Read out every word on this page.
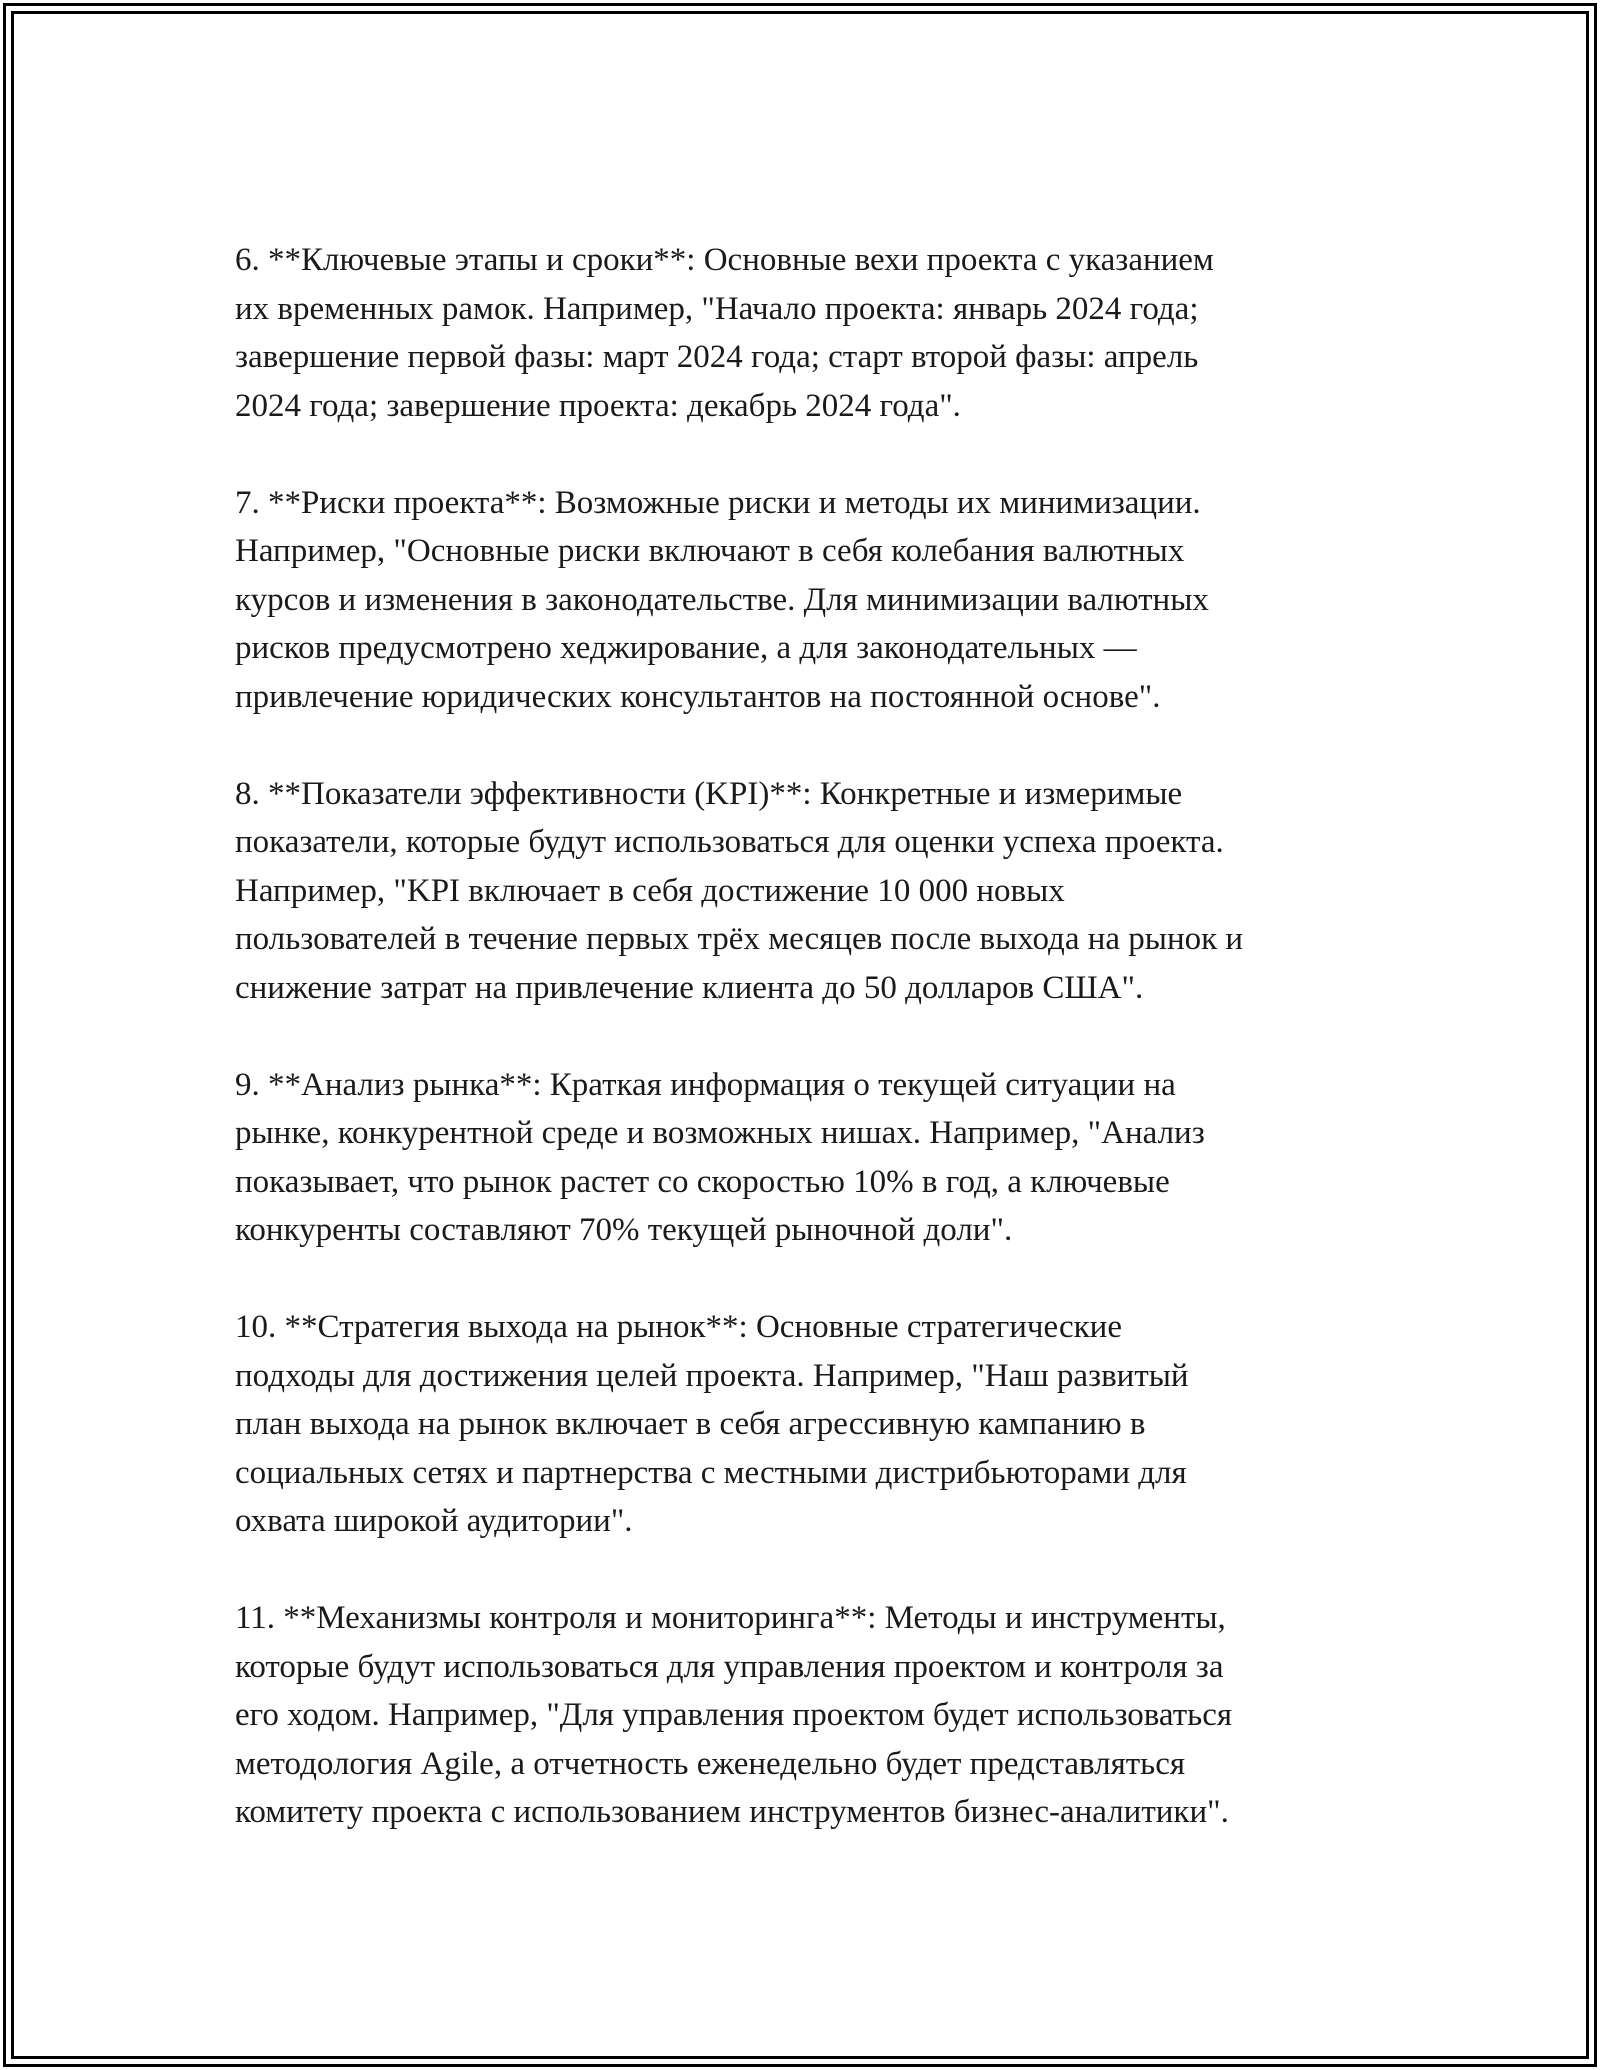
6. **Ключевые этапы и сроки**: Основные вехи проекта с указанием
их временных рамок. Например, "Начало проекта: январь 2024 года;
завершение первой фазы: март 2024 года; старт второй фазы: апрель
2024 года; завершение проекта: декабрь 2024 года".
7. **Риски проекта**: Возможные риски и методы их минимизации.
Например, "Основные риски включают в себя колебания валютных
курсов и изменения в законодательстве. Для минимизации валютных
рисков предусмотрено хеджирование, а для законодательных —
привлечение юридических консультантов на постоянной основе".
8. **Показатели эффективности (KPI)**: Конкретные и измеримые
показатели, которые будут использоваться для оценки успеха проекта.
Например, "KPI включает в себя достижение 10 000 новых
пользователей в течение первых трёх месяцев после выхода на рынок и
снижение затрат на привлечение клиента до 50 долларов США".
9. **Анализ рынка**: Краткая информация о текущей ситуации на
рынке, конкурентной среде и возможных нишах. Например, "Анализ
показывает, что рынок растет со скоростью 10% в год, а ключевые
конкуренты составляют 70% текущей рыночной доли".
10. **Стратегия выхода на рынок**: Основные стратегические
подходы для достижения целей проекта. Например, "Наш развитый
план выхода на рынок включает в себя агрессивную кампанию в
социальных сетях и партнерства с местными дистрибьюторами для
охвата широкой аудитории".
11. **Механизмы контроля и мониторинга**: Методы и инструменты,
которые будут использоваться для управления проектом и контроля за
его ходом. Например, "Для управления проектом будет использоваться
методология Agile, а отчетность еженедельно будет представляться
комитету проекта с использованием инструментов бизнес-аналитики".
